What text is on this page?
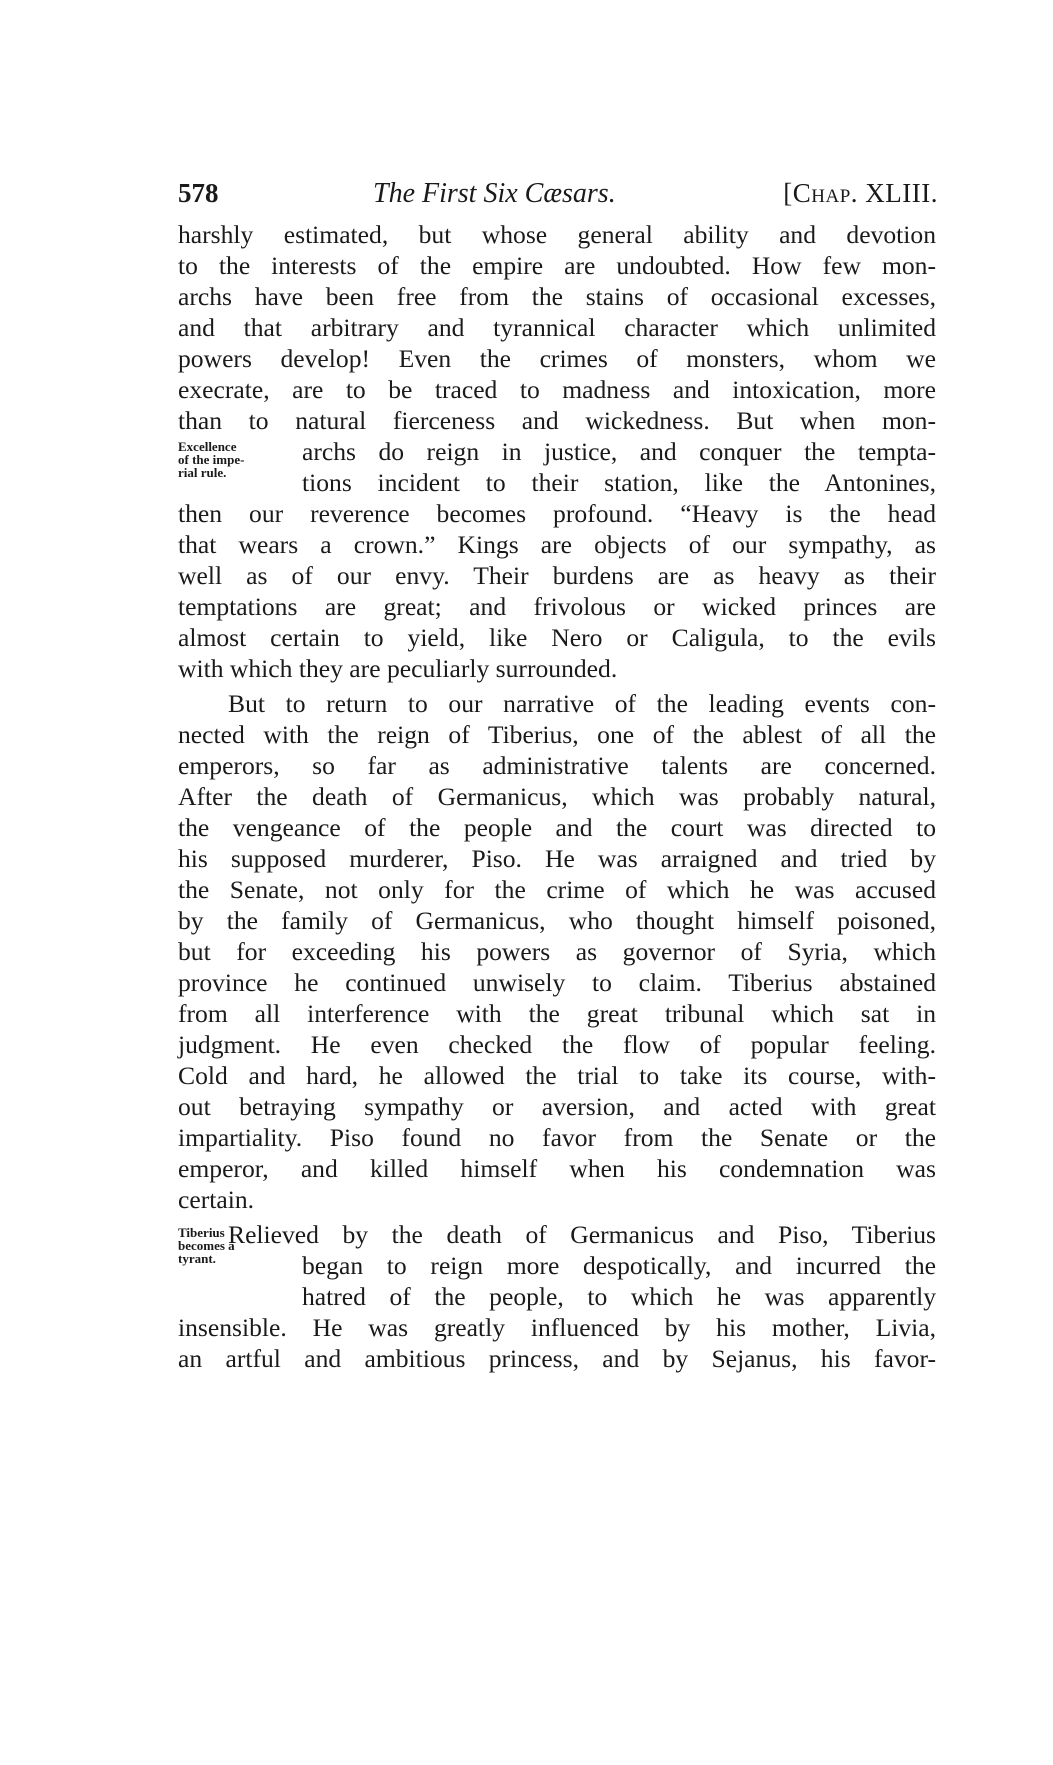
578	The First Six Cæsars.	[Chap. XLIII.
Excellence
of the impe-
rial rule.
Tiberius
becomes a
tyrant.
harshly estimated, but whose general ability and devotion
to the interests of the empire are undoubted. How few mon-
archs have been free from the stains of occasional excesses,
and that arbitrary and tyrannical character which unlimited
powers develop! Even the crimes of monsters, whom we
execrate, are to be traced to madness and intoxication, more
than to natural fierceness and wickedness. But when mon-
archs do reign in justice, and conquer the tempta-
tions incident to their station, like the Antonines,
then our reverence becomes profound. “Heavy is the head
that wears a crown.” Kings are objects of our sympathy, as
well as of our envy. Their burdens are as heavy as their
temptations are great; and frivolous or wicked princes are
almost certain to yield, like Nero or Caligula, to the evils
with which they are peculiarly surrounded.
But to return to our narrative of the leading events con-
nected with the reign of Tiberius, one of the ablest of all the
emperors, so far as administrative talents are concerned.
After the death of Germanicus, which was probably natural,
the vengeance of the people and the court was directed to
his supposed murderer, Piso. He was arraigned and tried by
the Senate, not only for the crime of which he was accused
by the family of Germanicus, who thought himself poisoned,
but for exceeding his powers as governor of Syria, which
province he continued unwisely to claim. Tiberius abstained
from all interference with the great tribunal which sat in
judgment. He even checked the flow of popular feeling.
Cold and hard, he allowed the trial to take its course, with-
out betraying sympathy or aversion, and acted with great
impartiality. Piso found no favor from the Senate or the
emperor, and killed himself when his condemnation was
certain.
Relieved by the death of Germanicus and Piso, Tiberius
began to reign more despotically, and incurred the
hatred of the people, to which he was apparently
insensible. He was greatly influenced by his mother, Livia,
an artful and ambitious princess, and by Sejanus, his favor-
